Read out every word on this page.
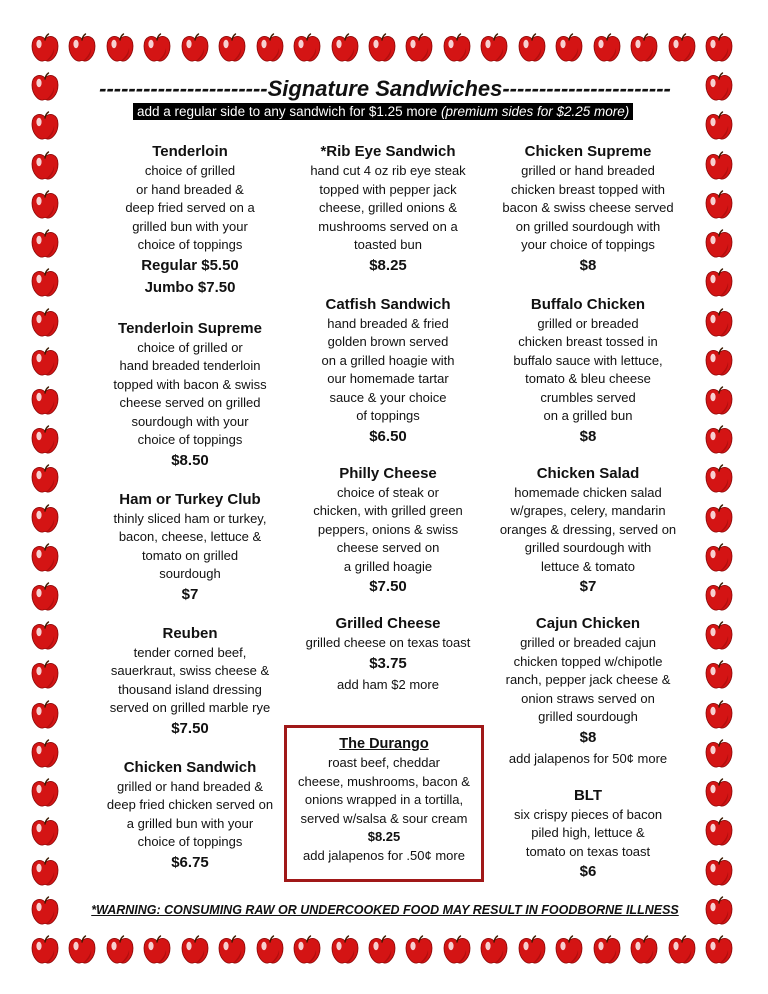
-----------------------Signature Sandwiches-----------------------
add a regular side to any sandwich for $1.25 more (premium sides for $2.25 more)
Tenderloin
choice of grilled
or hand breaded &
deep fried served on a
grilled bun with your
choice of toppings
Regular $5.50
Jumbo $7.50
Tenderloin Supreme
choice of grilled or
hand breaded tenderloin
topped with bacon & swiss
cheese served on grilled
sourdough with your
choice of toppings
$8.50
Ham or Turkey Club
thinly sliced ham or turkey,
bacon, cheese, lettuce &
tomato on grilled
sourdough
$7
Reuben
tender corned beef,
sauerkraut, swiss cheese &
thousand island dressing
served on grilled marble rye
$7.50
Chicken Sandwich
grilled or hand breaded &
deep fried chicken served on
a grilled bun with your
choice of toppings
$6.75
*Rib Eye Sandwich
hand cut 4 oz rib eye steak
topped with pepper jack
cheese, grilled onions &
mushrooms served on a
toasted bun
$8.25
Catfish Sandwich
hand breaded & fried
golden brown served
on a grilled hoagie with
our homemade tartar
sauce & your choice
of toppings
$6.50
Philly Cheese
choice of steak or
chicken, with grilled green
peppers, onions & swiss
cheese served on
a grilled hoagie
$7.50
Grilled Cheese
grilled cheese on texas toast
$3.75
add ham $2 more
Chicken Supreme
grilled or hand breaded
chicken breast topped with
bacon & swiss cheese served
on grilled sourdough with
your choice of toppings
$8
Buffalo Chicken
grilled or breaded
chicken breast tossed in
buffalo sauce with lettuce,
tomato & bleu cheese
crumbles served
on a grilled bun
$8
Chicken Salad
homemade chicken salad
w/grapes, celery, mandarin
oranges & dressing, served on
grilled sourdough with
lettuce & tomato
$7
Cajun Chicken
grilled or breaded cajun
chicken topped w/chipotle
ranch, pepper jack cheese &
onion straws served on
grilled sourdough
$8
add jalapenos for 50¢ more
BLT
six crispy pieces of bacon
piled high, lettuce &
tomato on texas toast
$6
The Durango
roast beef, cheddar
cheese, mushrooms, bacon &
onions wrapped in a tortilla,
served w/salsa & sour cream
$8.25
add jalapenos for .50¢ more
*WARNING: CONSUMING RAW OR UNDERCOOKED FOOD MAY RESULT IN FOODBORNE ILLNESS
